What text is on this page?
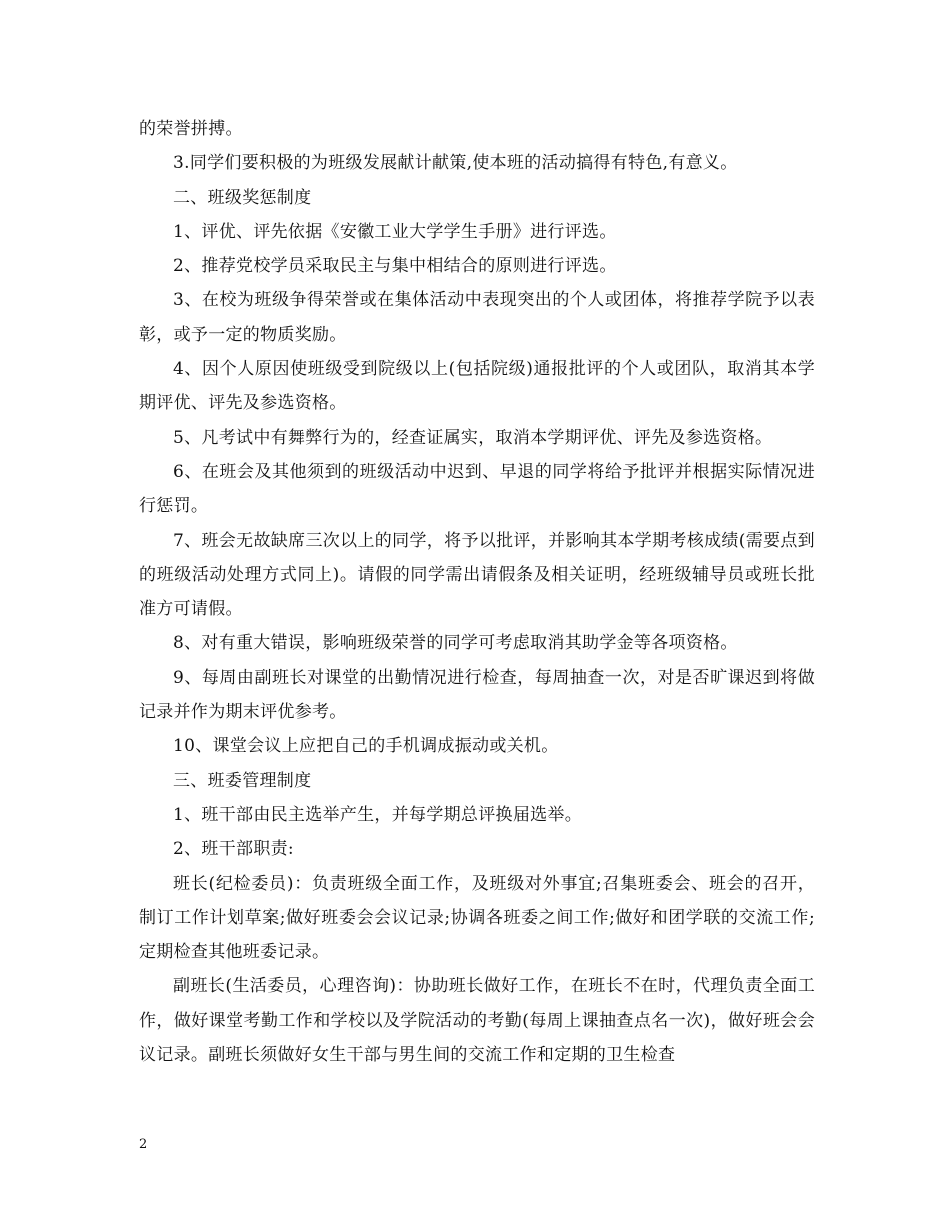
的荣誉拼搏。

3.同学们要积极的为班级发展献计献策,使本班的活动搞得有特色,有意义。

二、班级奖惩制度

1、评优、评先依据《安徽工业大学学生手册》进行评选。

2、推荐党校学员采取民主与集中相结合的原则进行评选。

3、在校为班级争得荣誉或在集体活动中表现突出的个人或团体，将推荐学院予以表彰，或予一定的物质奖励。

4、因个人原因使班级受到院级以上(包括院级)通报批评的个人或团队，取消其本学期评优、评先及参选资格。

5、凡考试中有舞弊行为的，经查证属实，取消本学期评优、评先及参选资格。

6、在班会及其他须到的班级活动中迟到、早退的同学将给予批评并根据实际情况进行惩罚。

7、班会无故缺席三次以上的同学，将予以批评，并影响其本学期考核成绩(需要点到的班级活动处理方式同上)。请假的同学需出请假条及相关证明，经班级辅导员或班长批准方可请假。

8、对有重大错误，影响班级荣誉的同学可考虑取消其助学金等各项资格。

9、每周由副班长对课堂的出勤情况进行检查，每周抽查一次，对是否旷课迟到将做记录并作为期末评优参考。

10、课堂会议上应把自己的手机调成振动或关机。

三、班委管理制度

1、班干部由民主选举产生，并每学期总评换届选举。

2、班干部职责:

班长(纪检委员)：负责班级全面工作，及班级对外事宜;召集班委会、班会的召开，制订工作计划草案;做好班委会会议记录;协调各班委之间工作;做好和团学联的交流工作;定期检查其他班委记录。

副班长(生活委员，心理咨询)：协助班长做好工作，在班长不在时，代理负责全面工作，做好课堂考勤工作和学校以及学院活动的考勤(每周上课抽查点名一次)，做好班会会议记录。副班长须做好女生干部与男生间的交流工作和定期的卫生检查

2
